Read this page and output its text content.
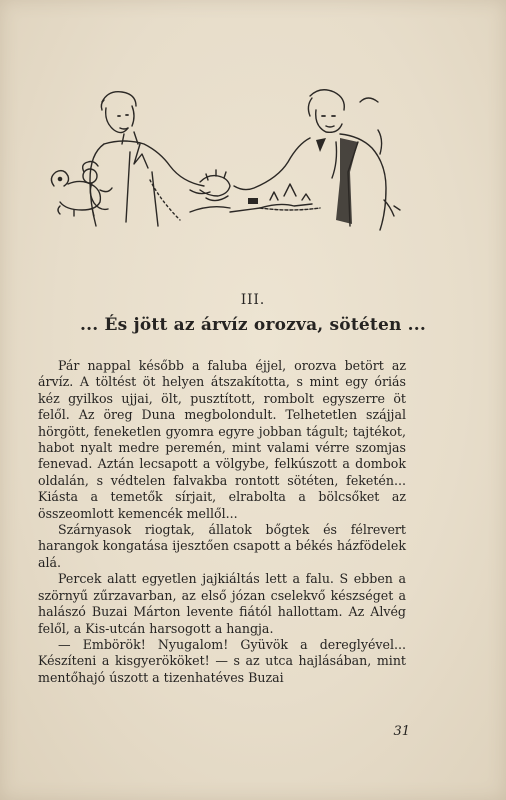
III.
... És jött az árvíz orozva, sötéten ...

Pár nappal később a faluba éjjel, orozva betört az árvíz. A töltést öt helyen átszakította, s mint egy óriás kéz gyilkos ujjai, ölt, pusztított, rombolt egyszerre öt felől. Az öreg Duna megbolondult. Telhetetlen szájjal hörgött, feneketlen gyomra egyre jobban tágult; tajtékot, habot nyalt medre peremén, mint valami vérre szomjas fenevad. Aztán lecsapott a völgybe, felkúszott a dombok oldalán, s védtelen falvakba rontott sötéten, feketén... Kiásta a temetők sírjait, elrabolta a bölcsőket az összeomlott kemencék mellől...

Szárnyasok riogtak, állatok bőgtek és félrevert harangok kongatása ijesztően csapott a békés házfödelek alá.

Percek alatt egyetlen jajkiáltás lett a falu. S ebben a szörnyű zűrzavarban, az első józan cselekvő készséget a halászó Buzai Márton levente fiától hallottam. Az Alvég felől, a Kis-utcán harsogott a hangja.

— Embörök! Nyugalom! Gyüvök a dereglyével... Készíteni a kisgyerököket! — s az utca hajlásában, mint mentőhajó úszott a tizenhatéves Buzai

31
